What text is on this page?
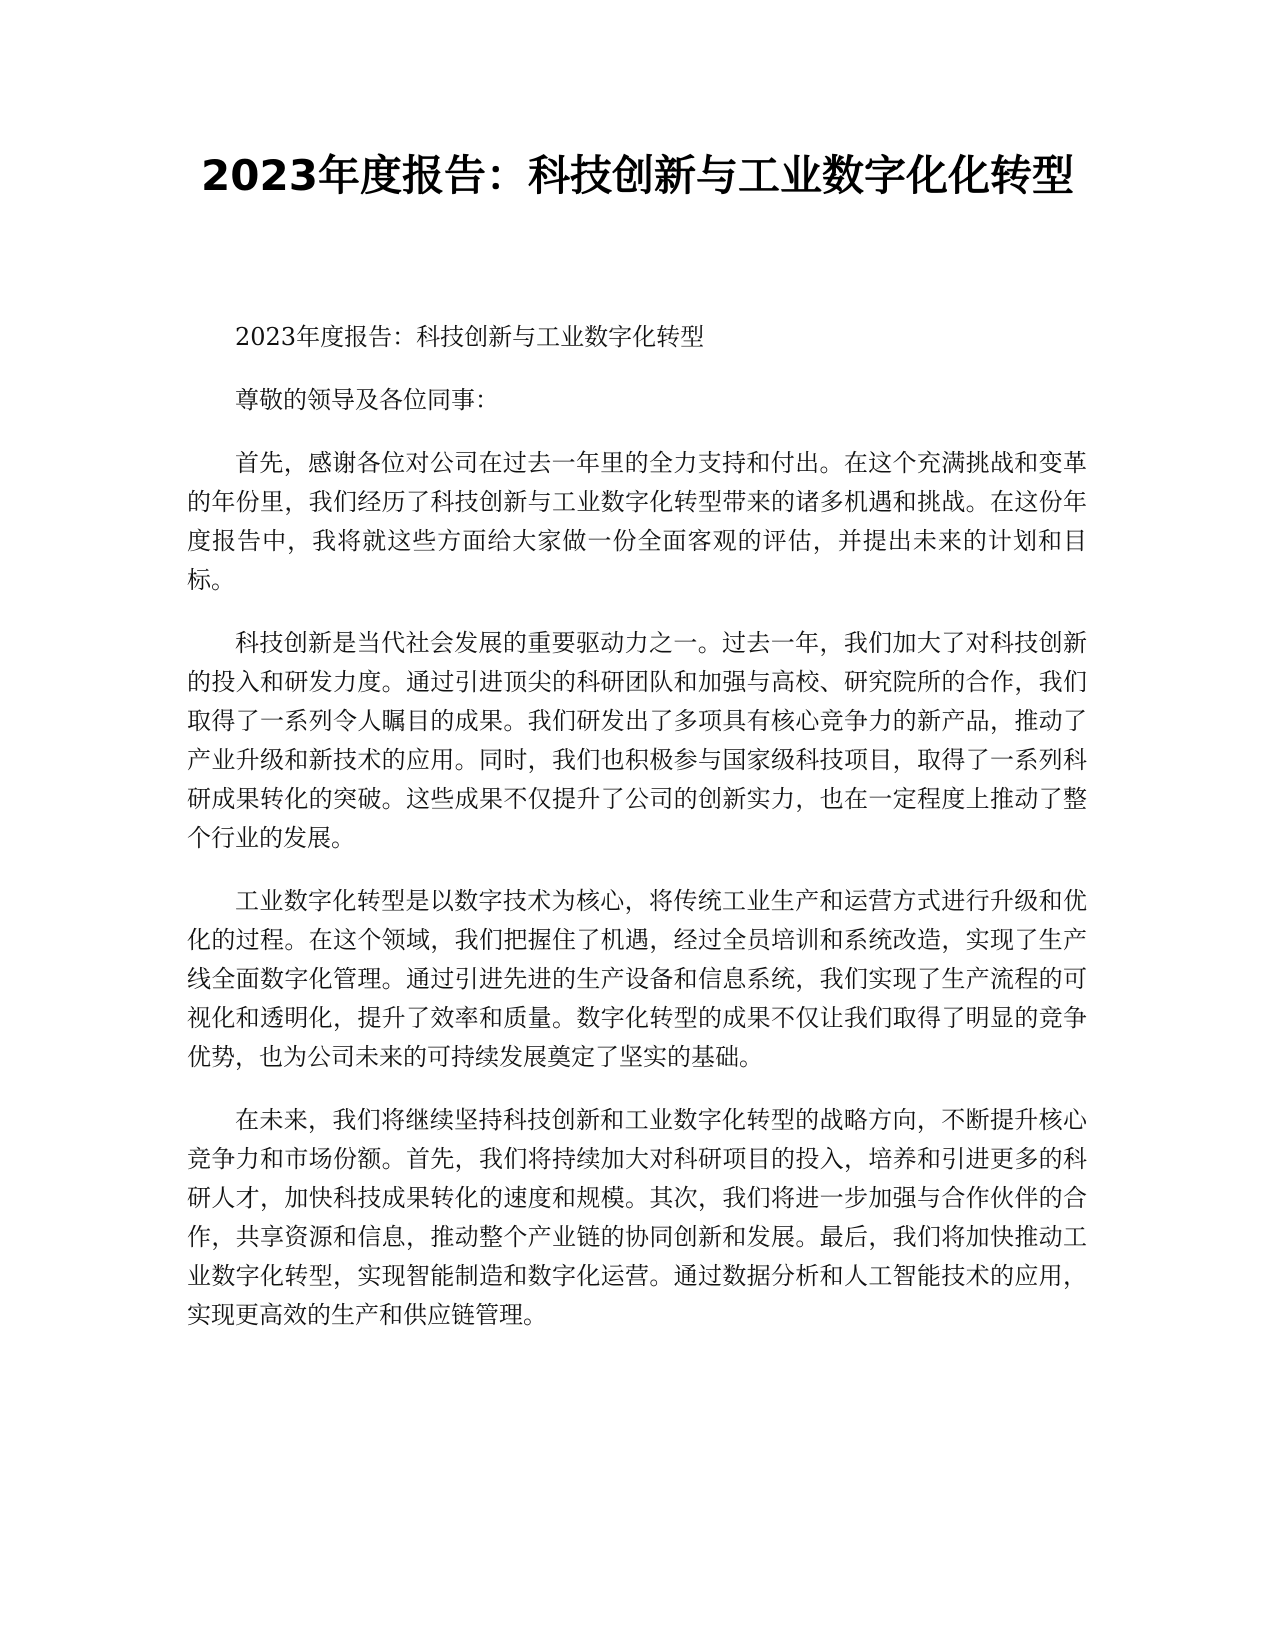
2023年度报告：科技创新与工业数字化化转型

2023年度报告：科技创新与工业数字化转型

尊敬的领导及各位同事：

首先，感谢各位对公司在过去一年里的全力支持和付出。在这个充满挑战和变革的年份里，我们经历了科技创新与工业数字化转型带来的诸多机遇和挑战。在这份年度报告中，我将就这些方面给大家做一份全面客观的评估，并提出未来的计划和目标。

科技创新是当代社会发展的重要驱动力之一。过去一年，我们加大了对科技创新的投入和研发力度。通过引进顶尖的科研团队和加强与高校、研究院所的合作，我们取得了一系列令人瞩目的成果。我们研发出了多项具有核心竞争力的新产品，推动了产业升级和新技术的应用。同时，我们也积极参与国家级科技项目，取得了一系列科研成果转化的突破。这些成果不仅提升了公司的创新实力，也在一定程度上推动了整个行业的发展。

工业数字化转型是以数字技术为核心，将传统工业生产和运营方式进行升级和优化的过程。在这个领域，我们把握住了机遇，经过全员培训和系统改造，实现了生产线全面数字化管理。通过引进先进的生产设备和信息系统，我们实现了生产流程的可视化和透明化，提升了效率和质量。数字化转型的成果不仅让我们取得了明显的竞争优势，也为公司未来的可持续发展奠定了坚实的基础。

在未来，我们将继续坚持科技创新和工业数字化转型的战略方向，不断提升核心竞争力和市场份额。首先，我们将持续加大对科研项目的投入，培养和引进更多的科研人才，加快科技成果转化的速度和规模。其次，我们将进一步加强与合作伙伴的合作，共享资源和信息，推动整个产业链的协同创新和发展。最后，我们将加快推动工业数字化转型，实现智能制造和数字化运营。通过数据分析和人工智能技术的应用，实现更高效的生产和供应链管理。
